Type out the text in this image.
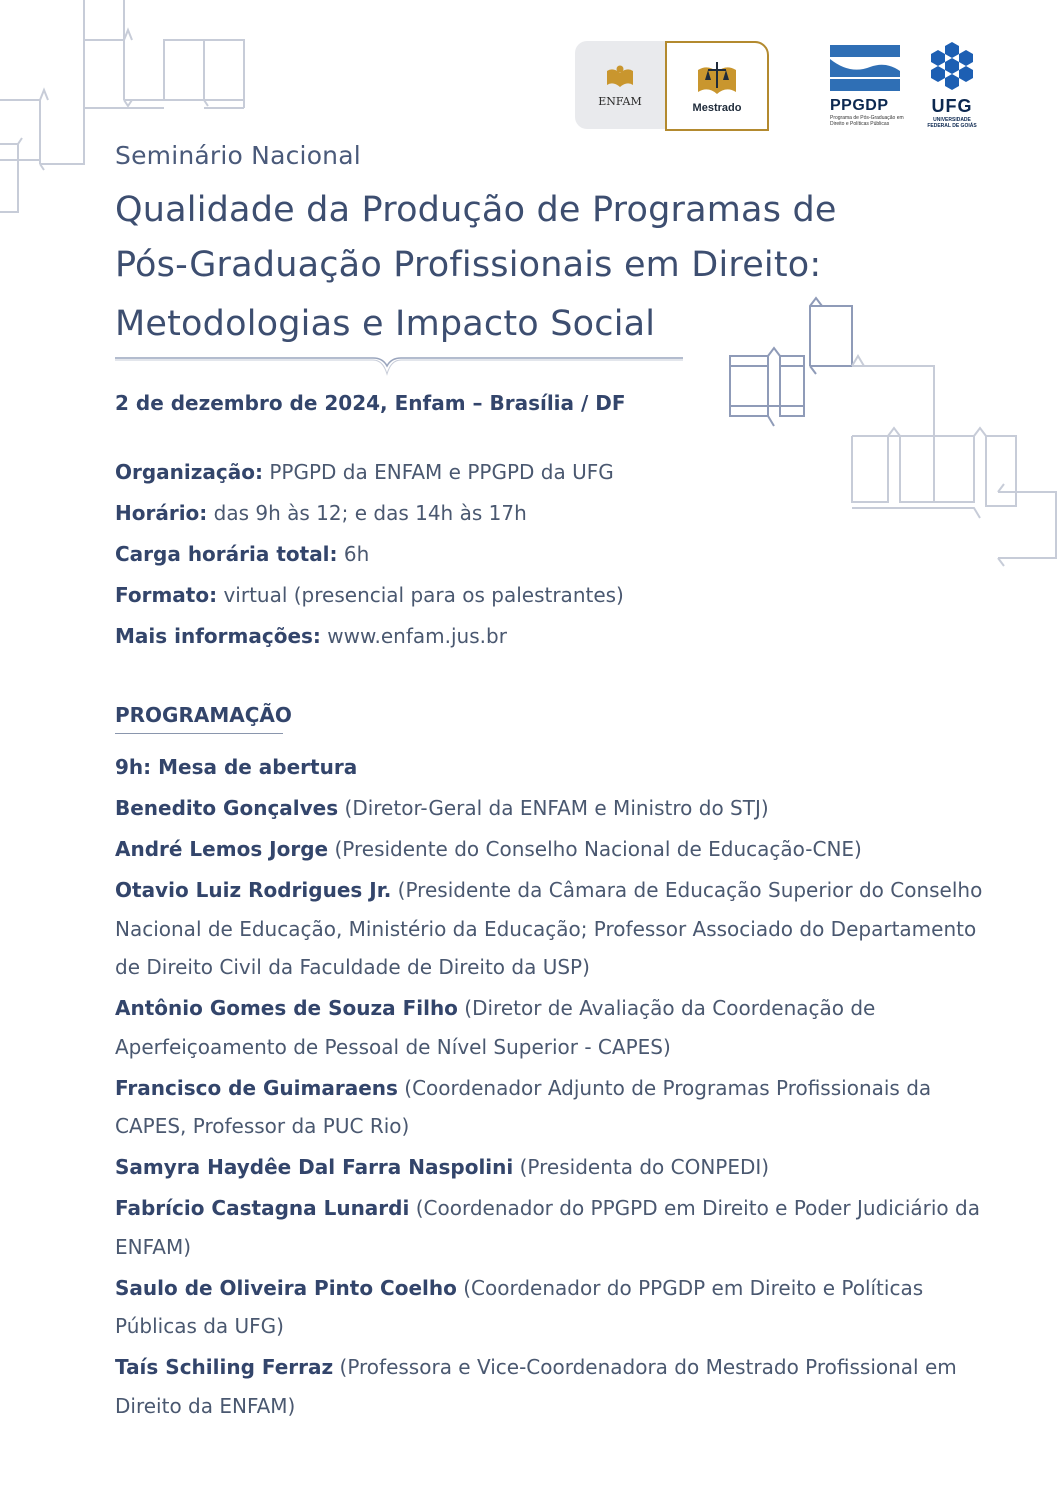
ENFAM
Mestrado	PPGDP
Programa de Pós-Graduação em Direito e Políticas Públicas
UFG
UNIVERSIDADE FEDERAL DE GOIÁS
Seminário Nacional
Qualidade da Produção de Programas de
Pós-Graduação Profissionais em Direito:
Metodologias e Impacto Social
2 de dezembro de 2024, Enfam – Brasília / DF
Organização: PPGPD da ENFAM e PPGPD da UFG
Horário: das 9h às 12; e das 14h às 17h
Carga horária total: 6h
Formato: virtual (presencial para os palestrantes)
Mais informações: www.enfam.jus.br
PROGRAMAÇÃO
9h: Mesa de abertura
Benedito Gonçalves (Diretor-Geral da ENFAM e Ministro do STJ)
André Lemos Jorge (Presidente do Conselho Nacional de Educação-CNE)
Otavio Luiz Rodrigues Jr. (Presidente da Câmara de Educação Superior do Conselho Nacional de Educação, Ministério da Educação; Professor Associado do Departamento de Direito Civil da Faculdade de Direito da USP)
Antônio Gomes de Souza Filho (Diretor de Avaliação da Coordenação de Aperfeiçoamento de Pessoal de Nível Superior - CAPES)
Francisco de Guimaraens (Coordenador Adjunto de Programas Profissionais da CAPES, Professor da PUC Rio)
Samyra Haydêe Dal Farra Naspolini (Presidenta do CONPEDI)
Fabrício Castagna Lunardi (Coordenador do PPGPD em Direito e Poder Judiciário da ENFAM)
Saulo de Oliveira Pinto Coelho (Coordenador do PPGDP em Direito e Políticas Públicas da UFG)
Taís Schiling Ferraz (Professora e Vice-Coordenadora do Mestrado Profissional em Direito da ENFAM)
